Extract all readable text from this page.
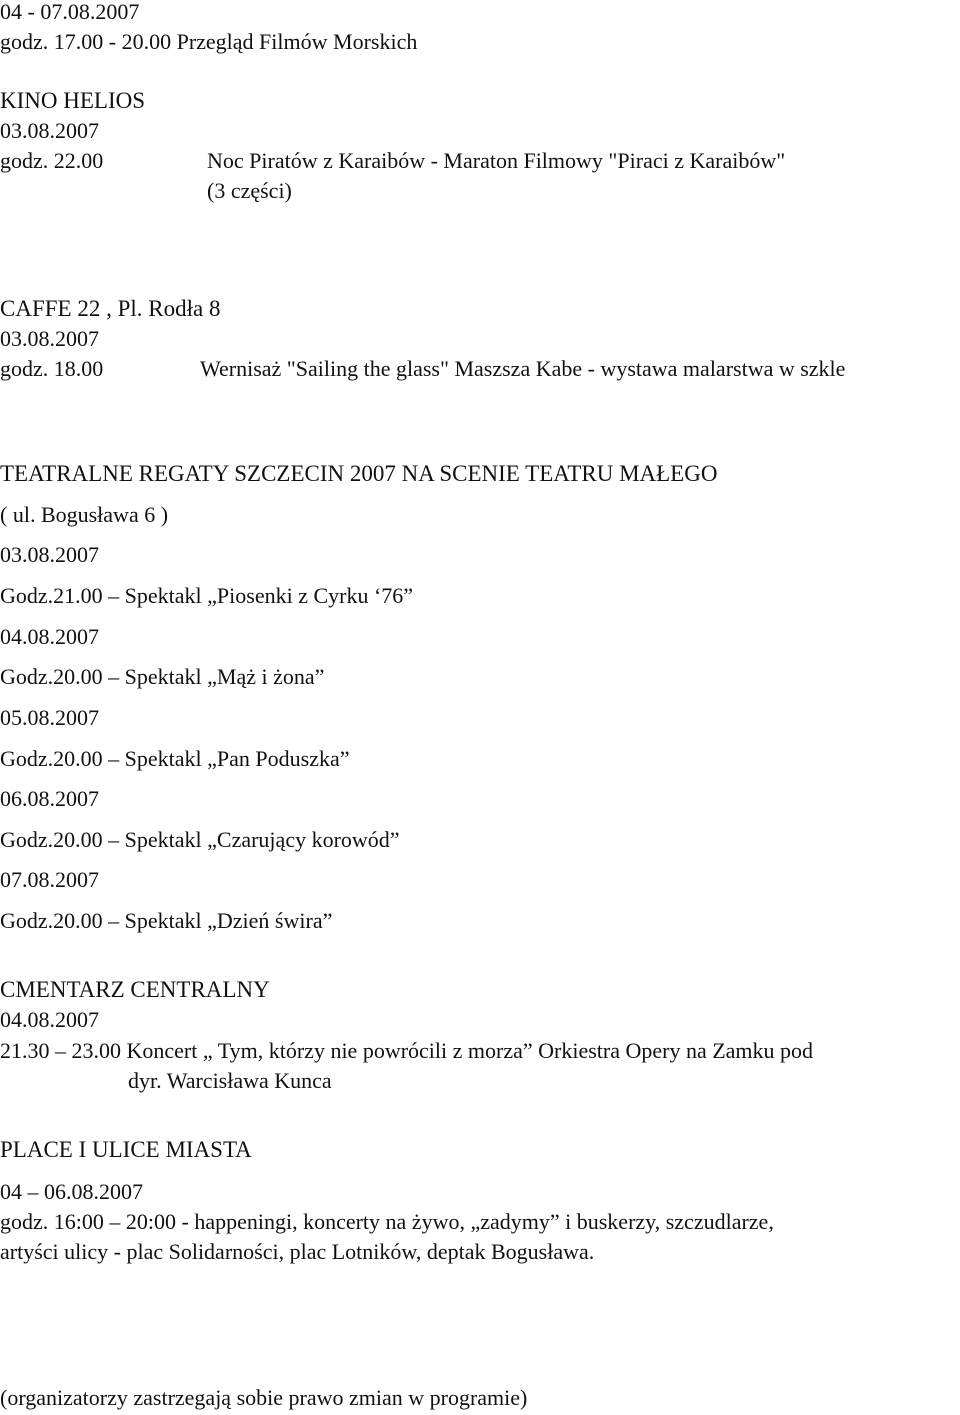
04 - 07.08.2007
godz. 17.00 - 20.00 Przegląd Filmów Morskich
KINO HELIOS
03.08.2007
godz. 22.00	Noc Piratów z Karaibów - Maraton Filmowy "Piraci z Karaibów"
(3 części)
CAFFE 22 , Pl. Rodła 8
03.08.2007
godz. 18.00	Wernisaż "Sailing the glass" Maszsza Kabe - wystawa malarstwa w szkle
TEATRALNE REGATY SZCZECIN 2007 NA SCENIE TEATRU MAŁEGO
( ul. Bogusława 6 )
03.08.2007
Godz.21.00 – Spektakl „Piosenki z Cyrku ‘76”
04.08.2007
Godz.20.00 – Spektakl „Mąż i żona”
05.08.2007
Godz.20.00 – Spektakl „Pan Poduszka”
06.08.2007
Godz.20.00 – Spektakl „Czarujący korowód”
07.08.2007
Godz.20.00 – Spektakl „Dzień świra”
CMENTARZ CENTRALNY
04.08.2007
21.30 – 23.00 Koncert „ Tym, którzy nie powrócili z morza” Orkiestra Opery na Zamku pod
dyr. Warcisława Kunca
PLACE I ULICE MIASTA
04 – 06.08.2007
godz. 16:00 – 20:00 - happeningi, koncerty na żywo, „zadymy” i buskerzy, szczudlarze,
artyści ulicy - plac Solidarności, plac Lotników, deptak Bogusława.
(organizatorzy zastrzegają sobie prawo zmian w programie)
